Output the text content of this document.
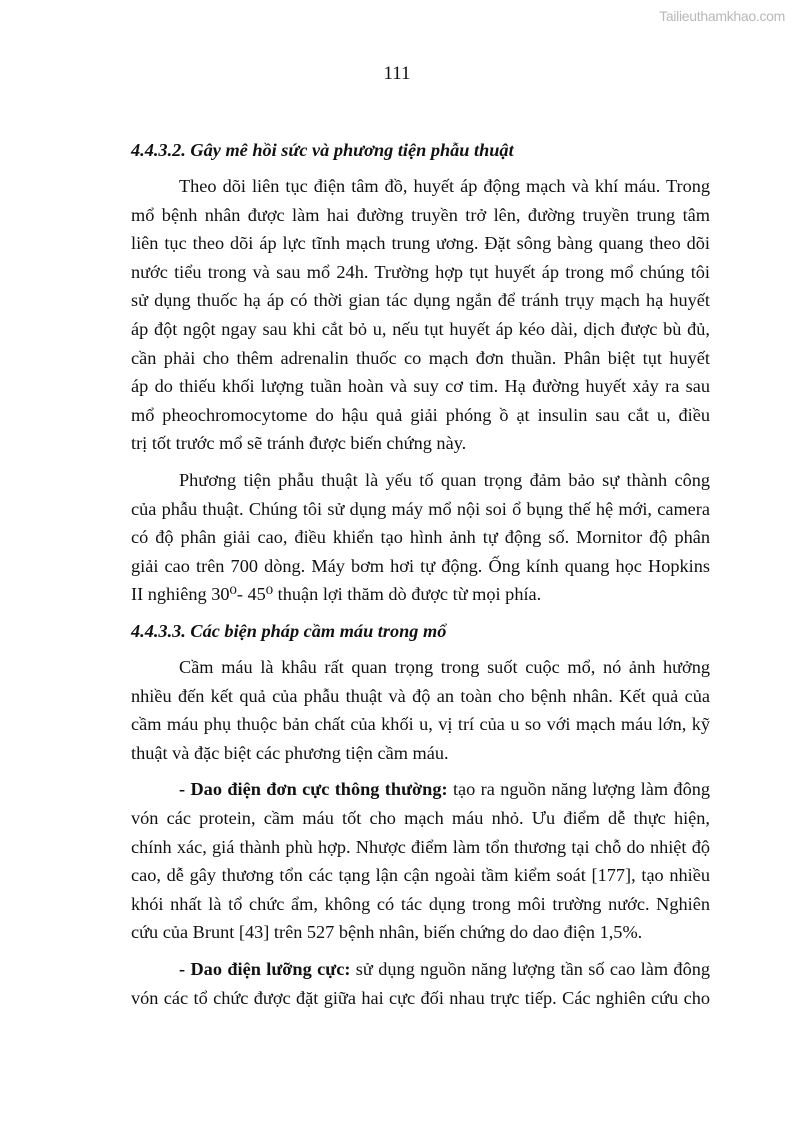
Tailieuthamkhao.com
111
4.4.3.2. Gây mê hồi sức và phương tiện phẫu thuật
Theo dõi liên tục điện tâm đồ, huyết áp động mạch và khí máu. Trong
mổ bệnh nhân được làm hai đường truyền trở lên, đường truyền trung tâm
liên tục theo dõi áp lực tĩnh mạch trung ương. Đặt sông bàng quang theo dõi
nước tiểu trong và sau mổ 24h. Trường hợp tụt huyết áp trong mổ chúng tôi
sử dụng thuốc hạ áp có thời gian tác dụng ngắn để tránh trụy mạch hạ huyết
áp đột ngột ngay sau khi cắt bỏ u, nếu tụt huyết áp kéo dài, dịch được bù đủ,
cần phải cho thêm adrenalin thuốc co mạch đơn thuần. Phân biệt tụt huyết
áp do thiếu khối lượng tuần hoàn và suy cơ tim. Hạ đường huyết xảy ra sau
mổ pheochromocytome do hậu quả giải phóng ồ ạt insulin sau cắt u, điều
trị tốt trước mổ sẽ tránh được biến chứng này.
Phương tiện phẫu thuật là yếu tố quan trọng đảm bảo sự thành công
của phẫu thuật. Chúng tôi sử dụng máy mổ nội soi ổ bụng thế hệ mới, camera
có độ phân giải cao, điều khiển tạo hình ảnh tự động số. Mornitor độ phân
giải cao trên 700 dòng. Máy bơm hơi tự động. Ống kính quang học Hopkins
II nghiêng 30⁰- 45⁰ thuận lợi thăm dò được từ mọi phía.
4.4.3.3. Các biện pháp cầm máu trong mổ
Cầm máu là khâu rất quan trọng trong suốt cuộc mổ, nó ảnh hưởng
nhiều đến kết quả của phẫu thuật và độ an toàn cho bệnh nhân. Kết quả của
cầm máu phụ thuộc bản chất của khối u, vị trí của u so với mạch máu lớn, kỹ
thuật và đặc biệt các phương tiện cầm máu.
- Dao điện đơn cực thông thường: tạo ra nguồn năng lượng làm đông
vón các protein, cầm máu tốt cho mạch máu nhỏ. Ưu điểm dễ thực hiện,
chính xác, giá thành phù hợp. Nhược điểm làm tổn thương tại chỗ do nhiệt độ
cao, dễ gây thương tổn các tạng lận cận ngoài tầm kiểm soát [177], tạo nhiều
khói nhất là tổ chức ẩm, không có tác dụng trong môi trường nước. Nghiên
cứu của Brunt [43] trên 527 bệnh nhân, biến chứng do dao điện 1,5%.
- Dao điện lưỡng cực: sử dụng nguồn năng lượng tần số cao làm đông
vón các tổ chức được đặt giữa hai cực đối nhau trực tiếp. Các nghiên cứu cho
